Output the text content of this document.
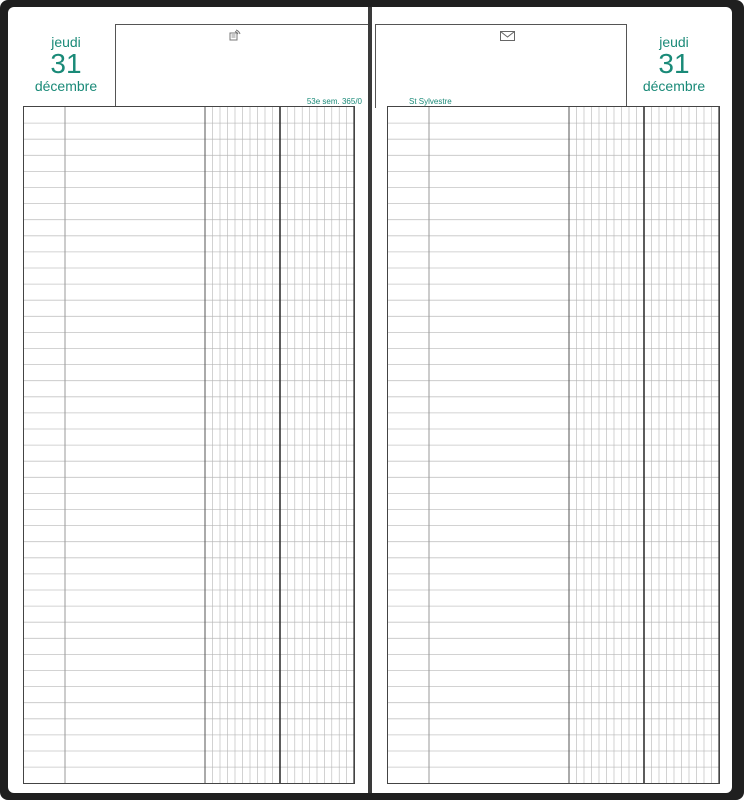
jeudi
31
décembre
53e sem. 365/0	St Sylvestre
jeudi
31
décembre
